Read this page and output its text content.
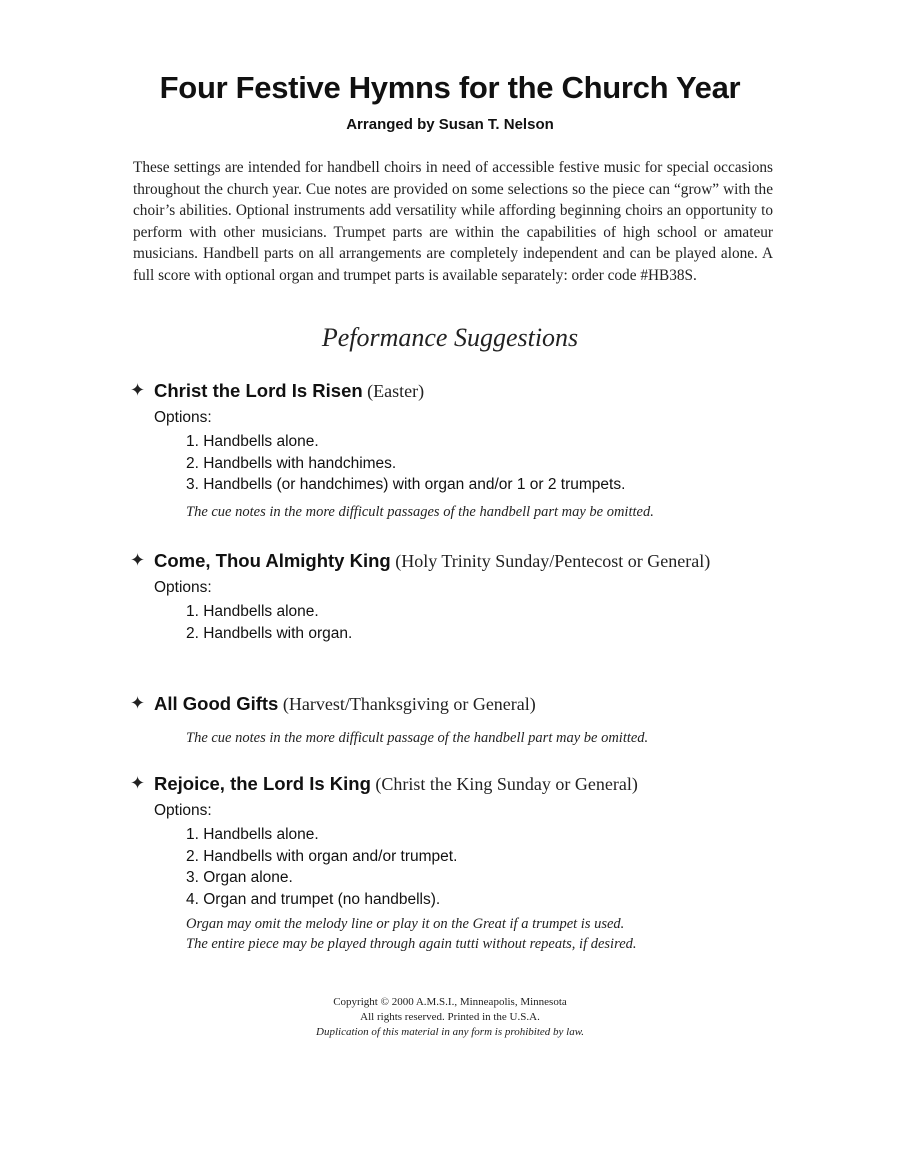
Four Festive Hymns for the Church Year
Arranged by Susan T. Nelson
These settings are intended for handbell choirs in need of accessible festive music for special occasions throughout the church year. Cue notes are provided on some selections so the piece can “grow” with the choir’s abilities. Optional instruments add versatility while affording beginning choirs an opportunity to perform with other musicians. Trumpet parts are within the capabilities of high school or amateur musicians. Handbell parts on all arrangements are completely independent and can be played alone. A full score with optional organ and trumpet parts is available separately: order code #HB38S.
Peformance Suggestions
✦ Christ the Lord Is Risen (Easter)
Options:
1. Handbells alone.
2. Handbells with handchimes.
3. Handbells (or handchimes) with organ and/or 1 or 2 trumpets.
The cue notes in the more difficult passages of the handbell part may be omitted.
✦ Come, Thou Almighty King (Holy Trinity Sunday/Pentecost or General)
Options:
1. Handbells alone.
2. Handbells with organ.
✦ All Good Gifts (Harvest/Thanksgiving or General)
The cue notes in the more difficult passage of the handbell part may be omitted.
✦ Rejoice, the Lord Is King (Christ the King Sunday or General)
Options:
1. Handbells alone.
2. Handbells with organ and/or trumpet.
3. Organ alone.
4. Organ and trumpet (no handbells).
Organ may omit the melody line or play it on the Great if a trumpet is used.
The entire piece may be played through again tutti without repeats, if desired.
Copyright © 2000 A.M.S.I., Minneapolis, Minnesota
All rights reserved. Printed in the U.S.A.
Duplication of this material in any form is prohibited by law.
